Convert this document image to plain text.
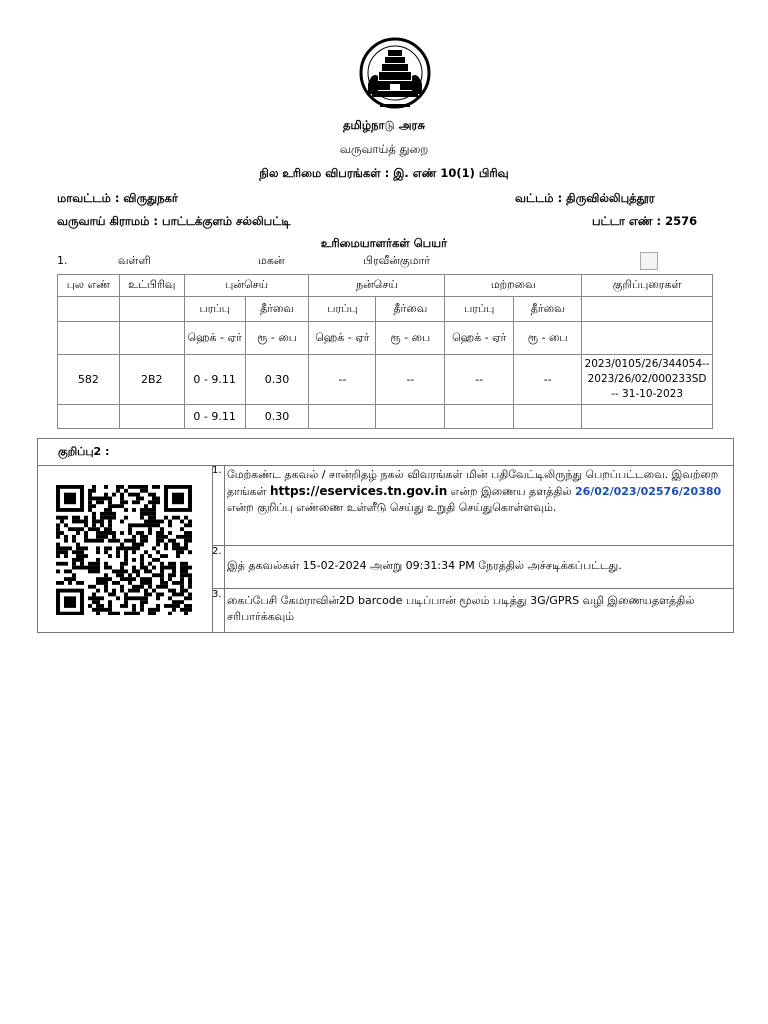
தமிழ்நாடு அரசு
வருவாய்த் துறை
நில உரிமை விபரங்கள் : இ. எண் 10(1) பிரிவு
மாவட்டம் : விருதுநகர்	வட்டம் : திருவில்லிபுத்தூர
வருவாய் கிராமம் : பாட்டக்குளம் சல்லிபட்டி	பட்டா எண் : 2576
உரிமையாளர்கள் பெயர்
1.	வள்ளி	மகன்	பிரவீன்குமார்
புல எண்	உட்பிரிவு	புன்செய்		நன்செய்		மற்றவை		குறிப்புரைகள்
		பரப்பு	தீர்வை	பரப்பு	தீர்வை	பரப்பு	தீர்வை	
		ஹெக் - ஏர்	ரூ - பை	ஹெக் - ஏர்	ரூ - பை	ஹெக் - ஏர்	ரூ - பை	
582	2B2	0 - 9.11	0.30	--	--	--	--	2023/0105/26/344054--2023/26/02/000233SD -- 31-10-2023
		0 - 9.11	0.30					
குறிப்பு2 :
1. மேற்கண்ட தகவல் / சான்றிதழ் நகல் விவரங்கள் மின் பதிவேட்டிலிருந்து பெறப்பட்டவை. இவற்றை தாங்கள் https://eservices.tn.gov.in என்ற இணைய தளத்தில் 26/02/023/02576/20380 என்ற குறிப்பு எண்ணை உள்ளீடு செய்து உறுதி செய்துகொள்ளவும்.
2.
இத் தகவல்கள் 15-02-2024 அன்று 09:31:34 PM நேரத்தில் அச்சடிக்கப்பட்டது.
3. கைப்பேசி கேமராவின்2D barcode படிப்பான் மூலம் படித்து 3G/GPRS வழி இணையதளத்தில் சரிபார்க்கவும்
